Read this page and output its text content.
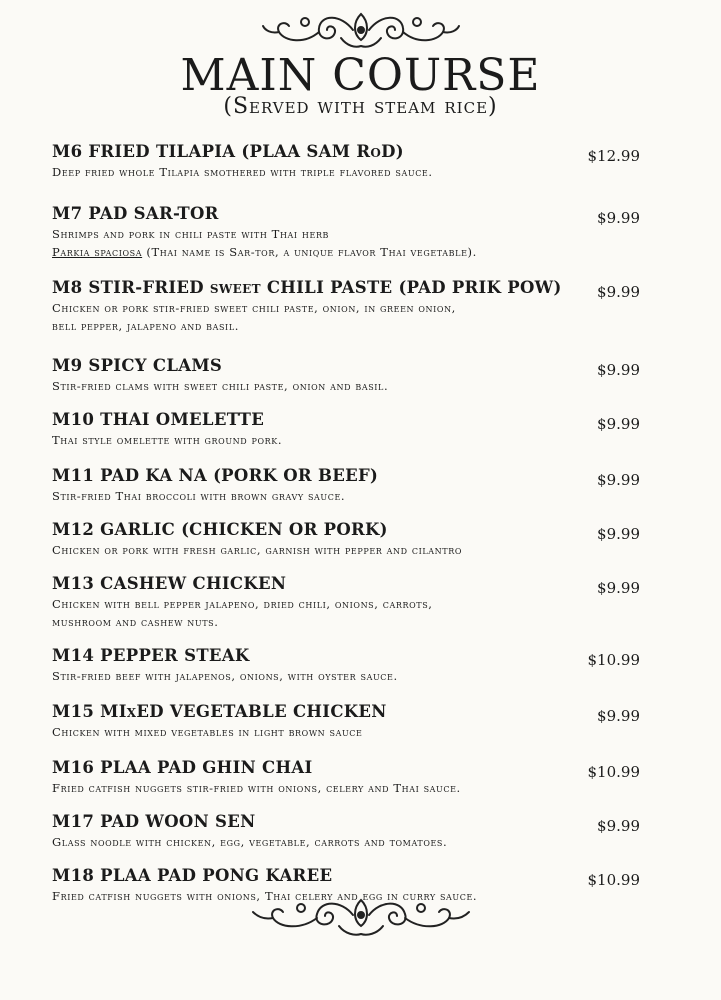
MAIN COURSE
(Served with steam rice)
M6 FRIED TILAPIA (PLAA SAM RoD)	$12.99
Deep fried whole Tilapia smothered with triple flavored sauce.
M7 PAD SAR-TOR	$9.99
Shrimps and pork in chili paste with Thai herb
Parkia spaciosa (Thai name is Sar-tor, a unique flavor Thai vegetable).
M8 STIR-FRIED sweet CHILI PASTE (PAD PRIK POW)	$9.99
Chicken or pork stir-fried sweet chili paste, onion, in green onion,
bell pepper, jalapeno and basil.
M9 SPICY CLAMS	$9.99
Stir-fried clams with sweet chili paste, onion and basil.
M10 THAI OMELETTE	$9.99
Thai style omelette with ground pork.
M11 PAD KA NA (PORK OR BEEF)	$9.99
Stir-fried Thai broccoli with brown gravy sauce.
M12 GARLIC (CHICKEN OR PORK)	$9.99
Chicken or pork with fresh garlic, garnish with pepper and cilantro
M13 CASHEW CHICKEN	$9.99
Chicken with bell pepper jalapeno, dried chili, onions, carrots,
mushroom and cashew nuts.
M14 PEPPER STEAK	$10.99
Stir-fried beef with jalapenos, onions, with oyster sauce.
M15 MIxED VEGETABLE CHICKEN	$9.99
Chicken with mixed vegetables in light brown sauce
M16 PLAA PAD GHIN CHAI	$10.99
Fried catfish nuggets stir-fried with onions, celery and Thai sauce.
M17 PAD WOON SEN	$9.99
Glass noodle with chicken, egg, vegetable, carrots and tomatoes.
M18 PLAA PAD PONG KAREE	$10.99
Fried catfish nuggets with onions, Thai celery and egg in curry sauce.
